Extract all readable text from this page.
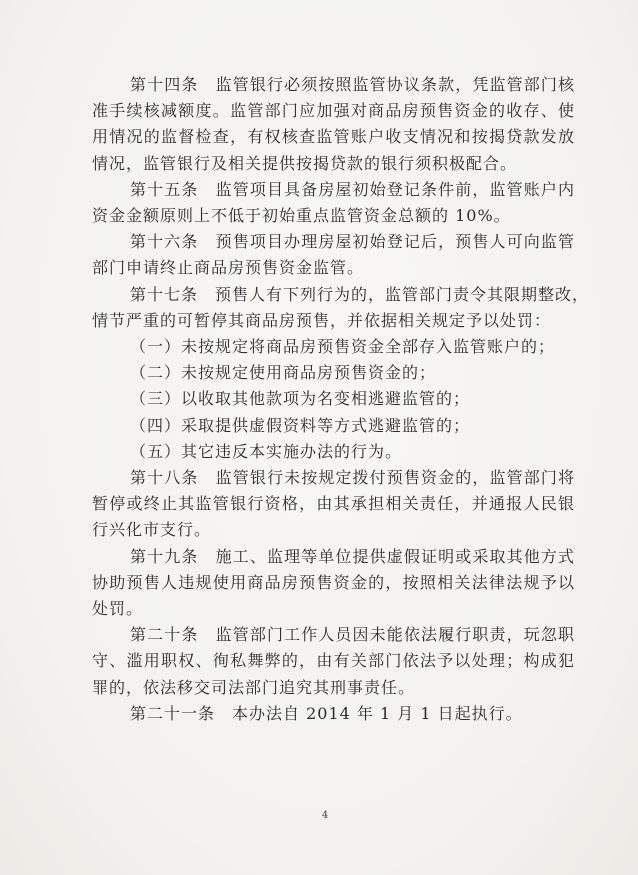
第十四条　监管银行必须按照监管协议条款，凭监管部门核
准手续核减额度。监管部门应加强对商品房预售资金的收存、使
用情况的监督检查，有权核查监管账户收支情况和按揭贷款发放
情况，监管银行及相关提供按揭贷款的银行须积极配合。
第十五条　监管项目具备房屋初始登记条件前，监管账户内
资金金额原则上不低于初始重点监管资金总额的 10%。
第十六条　预售项目办理房屋初始登记后，预售人可向监管
部门申请终止商品房预售资金监管。
第十七条　预售人有下列行为的，监管部门责令其限期整改，
情节严重的可暂停其商品房预售，并依据相关规定予以处罚：
（一）未按规定将商品房预售资金全部存入监管账户的；
（二）未按规定使用商品房预售资金的；
（三）以收取其他款项为名变相逃避监管的；
（四）采取提供虚假资料等方式逃避监管的；
（五）其它违反本实施办法的行为。
第十八条　监管银行未按规定拨付预售资金的，监管部门将
暂停或终止其监管银行资格，由其承担相关责任，并通报人民银
行兴化市支行。
第十九条　施工、监理等单位提供虚假证明或采取其他方式
协助预售人违规使用商品房预售资金的，按照相关法律法规予以
处罚。
第二十条　监管部门工作人员因未能依法履行职责，玩忽职
守、滥用职权、徇私舞弊的，由有关部门依法予以处理；构成犯
罪的，依法移交司法部门追究其刑事责任。
第二十一条　本办法自 2014 年 1 月 1 日起执行。
4
